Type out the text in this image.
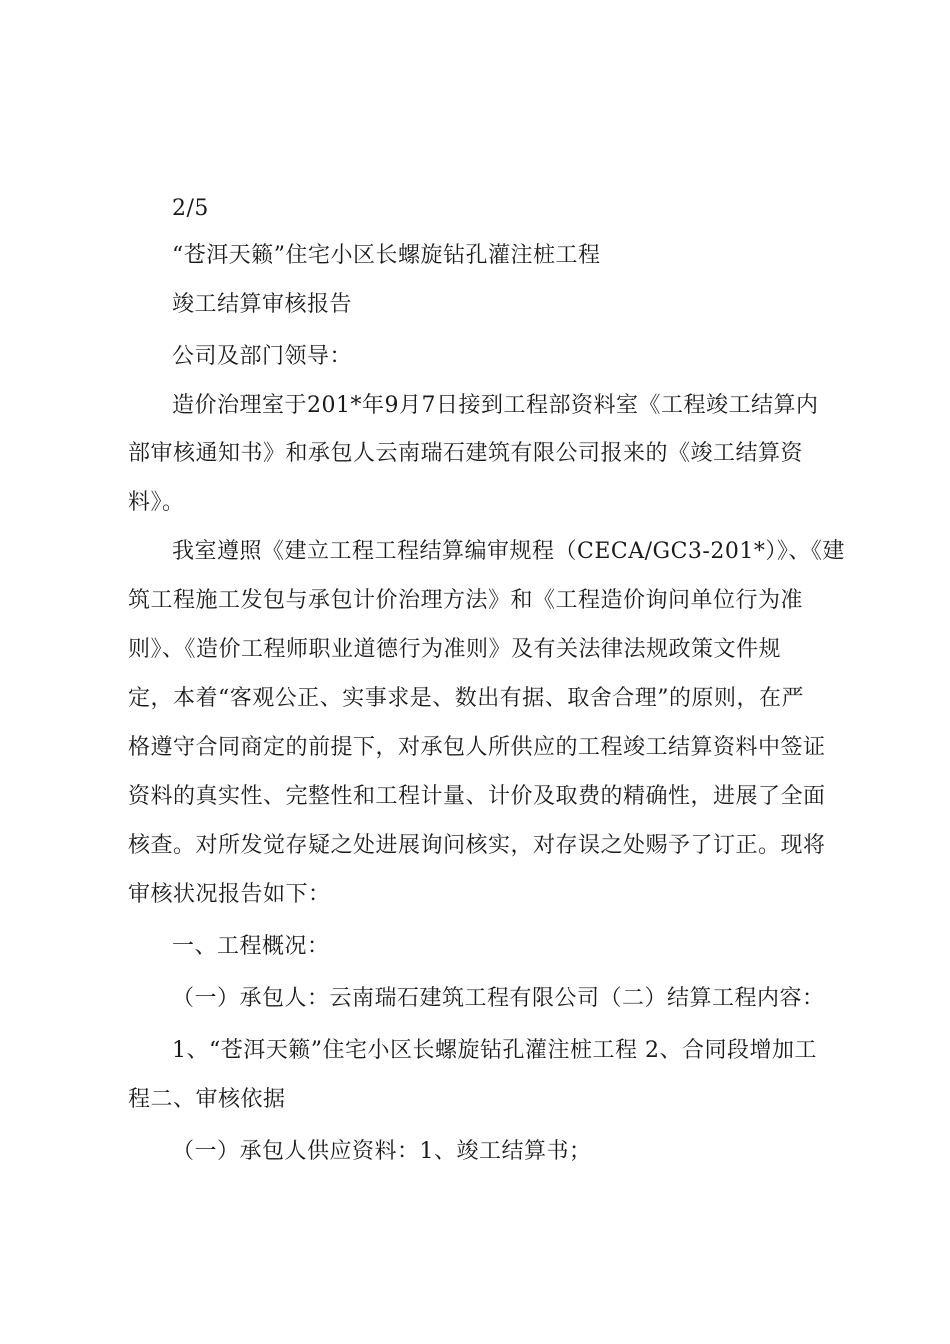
2/5
“苍洱天籁”住宅小区长螺旋钻孔灌注桩工程
竣工结算审核报告
公司及部门领导：
造价治理室于201*年9月7日接到工程部资料室《工程竣工结算内
部审核通知书》和承包人云南瑞石建筑有限公司报来的《竣工结算资
料》。
我室遵照《建立工程工程结算编审规程（CECA/GC3-201*）》、《建
筑工程施工发包与承包计价治理方法》和《工程造价询问单位行为准
则》、《造价工程师职业道德行为准则》及有关法律法规政策文件规
定，本着“客观公正、实事求是、数出有据、取舍合理”的原则，在严
格遵守合同商定的前提下，对承包人所供应的工程竣工结算资料中签证
资料的真实性、完整性和工程计量、计价及取费的精确性，进展了全面
核查。对所发觉存疑之处进展询问核实，对存误之处赐予了订正。现将
审核状况报告如下：
一、工程概况：
（一）承包人：云南瑞石建筑工程有限公司（二）结算工程内容：
1、“苍洱天籁”住宅小区长螺旋钻孔灌注桩工程 2、合同段增加工
程二、审核依据
（一）承包人供应资料：1、竣工结算书；
